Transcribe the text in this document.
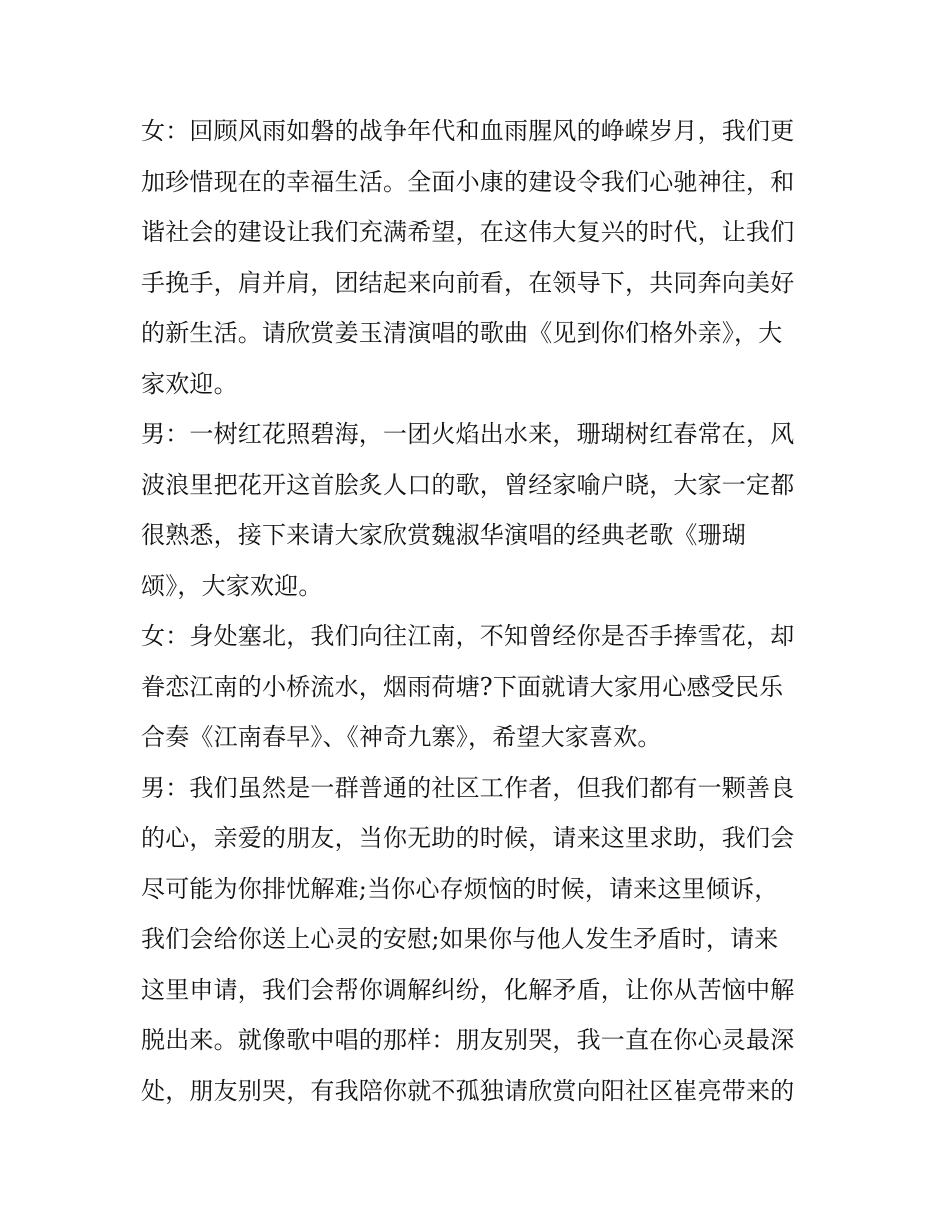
女：回顾风雨如磐的战争年代和血雨腥风的峥嵘岁月，我们更
加珍惜现在的幸福生活。全面小康的建设令我们心驰神往，和
谐社会的建设让我们充满希望，在这伟大复兴的时代，让我们
手挽手，肩并肩，团结起来向前看，在领导下，共同奔向美好
的新生活。请欣赏姜玉清演唱的歌曲《见到你们格外亲》，大
家欢迎。
男：一树红花照碧海，一团火焰出水来，珊瑚树红春常在，风
波浪里把花开这首脍炙人口的歌，曾经家喻户晓，大家一定都
很熟悉，接下来请大家欣赏魏淑华演唱的经典老歌《珊瑚
颂》，大家欢迎。
女：身处塞北，我们向往江南，不知曾经你是否手捧雪花，却
眷恋江南的小桥流水，烟雨荷塘?下面就请大家用心感受民乐
合奏《江南春早》、《神奇九寨》，希望大家喜欢。
男：我们虽然是一群普通的社区工作者，但我们都有一颗善良
的心，亲爱的朋友，当你无助的时候，请来这里求助，我们会
尽可能为你排忧解难;当你心存烦恼的时候，请来这里倾诉，
我们会给你送上心灵的安慰;如果你与他人发生矛盾时，请来
这里申请，我们会帮你调解纠纷，化解矛盾，让你从苦恼中解
脱出来。就像歌中唱的那样：朋友别哭，我一直在你心灵最深
处，朋友别哭，有我陪你就不孤独请欣赏向阳社区崔亮带来的
